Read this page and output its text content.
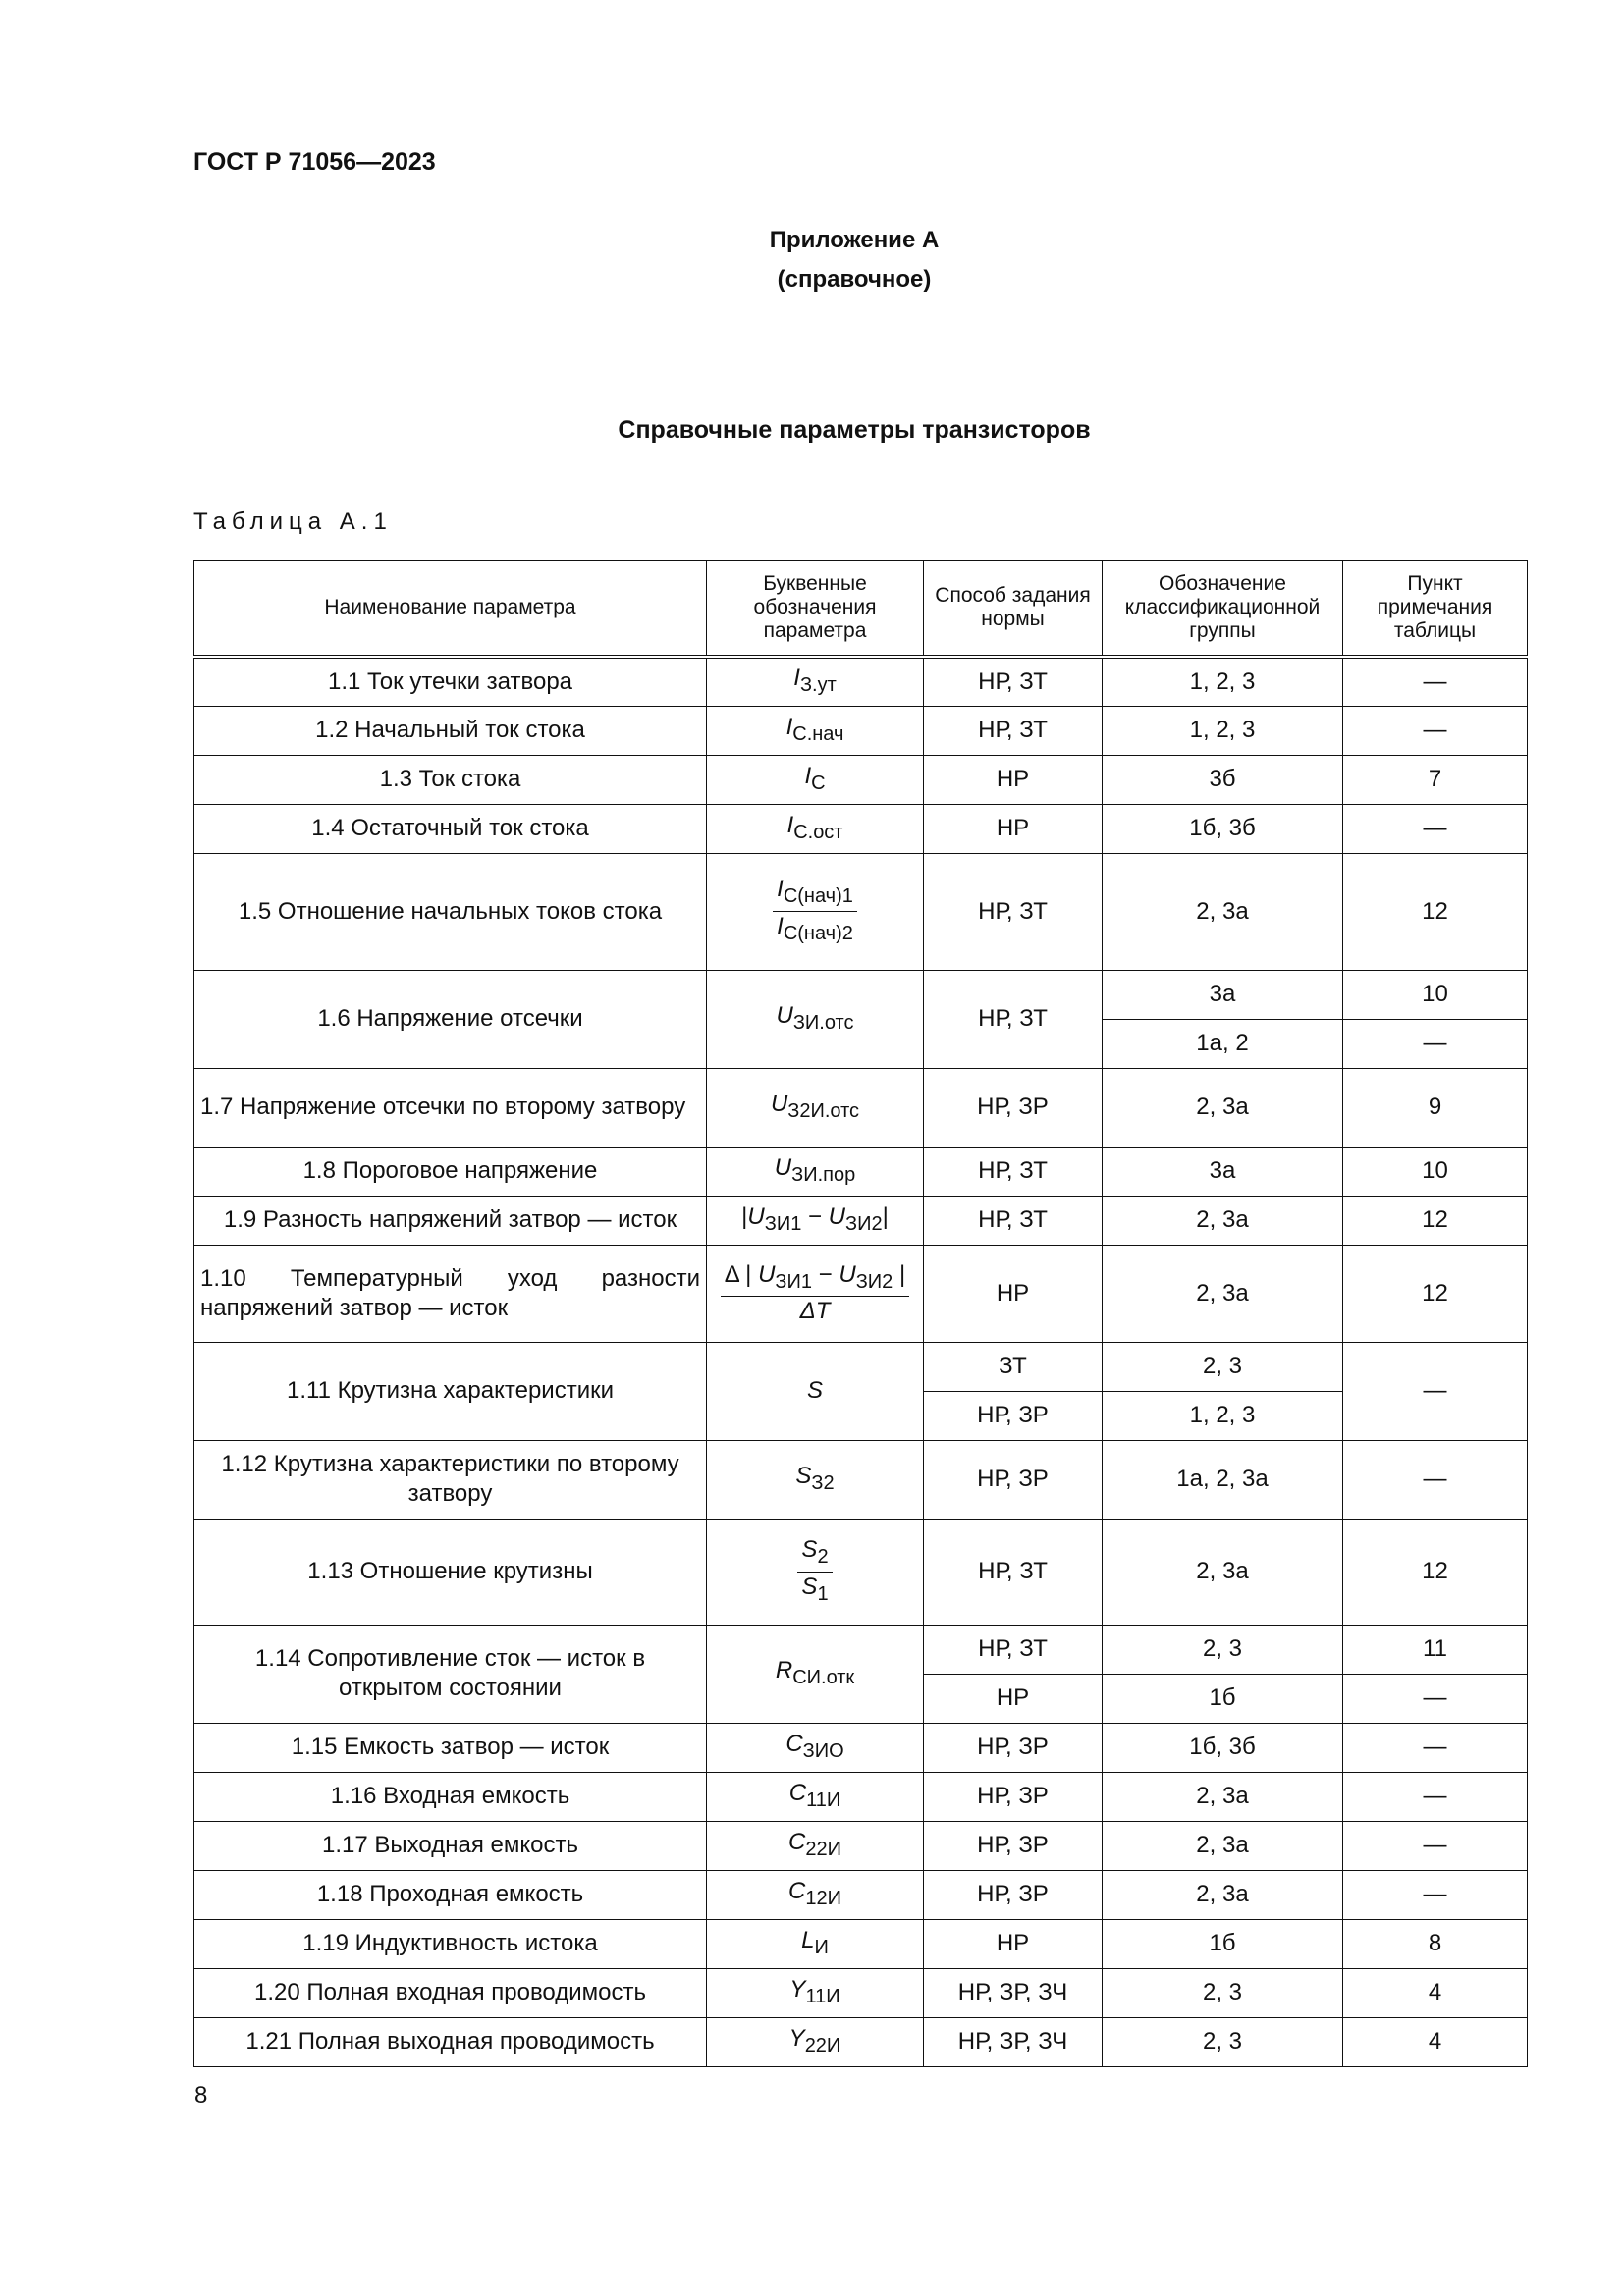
ГОСТ Р 71056—2023
Приложение А
(справочное)
Справочные параметры транзисторов
Таблица А.1
Наименование параметра	Буквенные обозначения параметра	Способ задания нормы	Обозначение классификационной группы	Пункт примечания таблицы
1.1 Ток утечки затвора	$I_{З.ут}$	НР, ЗТ	1, 2, 3	—
1.2 Начальный ток стока	$I_{С.нач}$	НР, ЗТ	1, 2, 3	—
1.3 Ток стока	$I_С$	НР	3б	7
1.4 Остаточный ток стока	$I_{С.ост}$	НР	1б, 3б	—
1.5 Отношение начальных токов стока	$\frac{I_{С(нач)1}}{I_{С(нач)2}}$	НР, ЗТ	2, 3а	12
1.6 Напряжение отсечки	$U_{ЗИ.отс}$	НР, ЗТ	3а	10
			1а, 2	—
1.7 Напряжение отсечки по второму затвору	$U_{З2И.отс}$	НР, ЗР	2, 3а	9
1.8 Пороговое напряжение	$U_{ЗИ.пор}$	НР, ЗТ	3а	10
1.9 Разность напряжений затвор — исток	$|U_{ЗИ1} - U_{ЗИ2}|$	НР, ЗТ	2, 3а	12
1.10 Температурный уход разности напряжений затвор — исток	$\frac{\Delta | U_{ЗИ1} - U_{ЗИ2} |}{\Delta T}$	НР	2, 3а	12
1.11 Крутизна характеристики	S	ЗТ	2, 3	—
		НР, ЗР	1, 2, 3	
1.12 Крутизна характеристики по второму затвору	$S_{З2}$	НР, ЗР	1а, 2, 3а	—
1.13 Отношение крутизны	$\frac{S_2}{S_1}$	НР, ЗТ	2, 3а	12
1.14 Сопротивление сток — исток в открытом состоянии	$R_{СИ.отк}$	НР, ЗТ	2, 3	11
		НР	1б	—
1.15 Емкость затвор — исток	$C_{ЗИО}$	НР, ЗР	1б, 3б	—
1.16 Входная емкость	$C_{11И}$	НР, ЗР	2, 3а	—
1.17 Выходная емкость	$C_{22И}$	НР, ЗР	2, 3а	—
1.18 Проходная емкость	$C_{12И}$	НР, ЗР	2, 3а	—
1.19 Индуктивность истока	$L_И$	НР	1б	8
1.20 Полная входная проводимость	$Y_{11И}$	НР, ЗР, ЗЧ	2, 3	4
1.21 Полная выходная проводимость	$Y_{22И}$	НР, ЗР, ЗЧ	2, 3	4
8
